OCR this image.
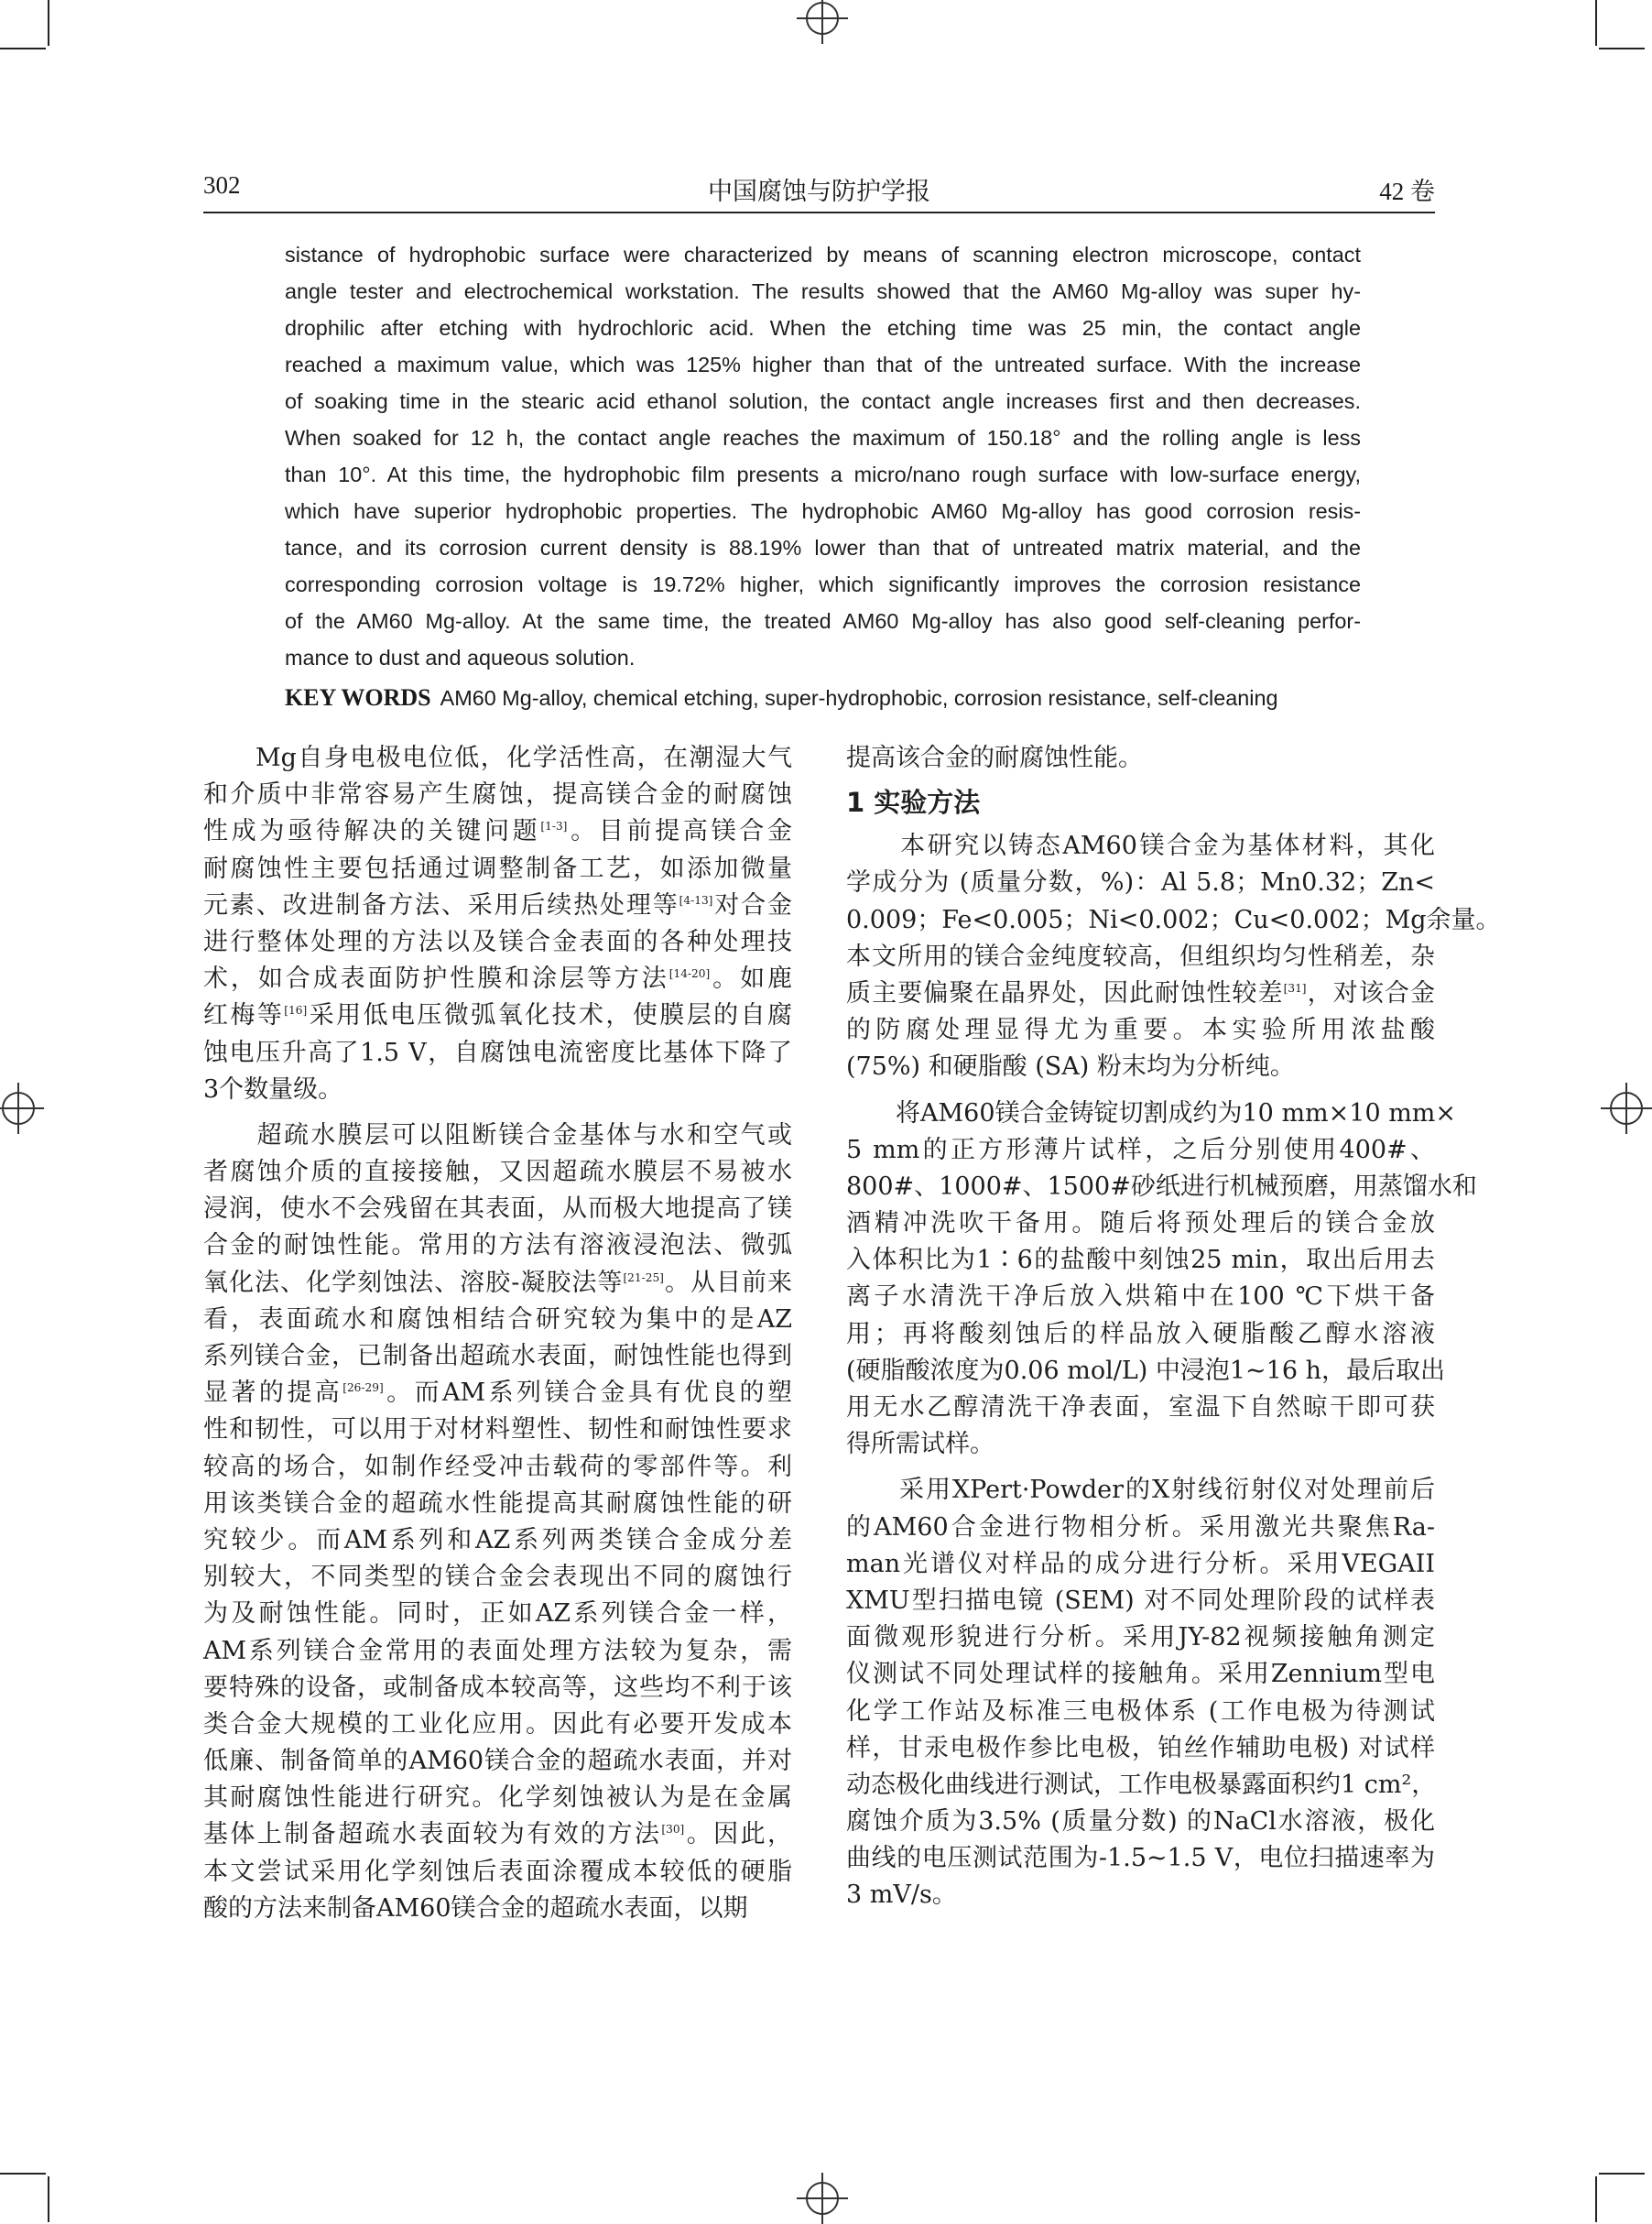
302	中国腐蚀与防护学报	42 卷
sistance of hydrophobic surface were characterized by means of scanning electron microscope, contact
angle tester and electrochemical workstation. The results showed that the AM60 Mg-alloy was super hy-
drophilic after etching with hydrochloric acid. When the etching time was 25 min, the contact angle
reached a maximum value, which was 125% higher than that of the untreated surface. With the increase
of soaking time in the stearic acid ethanol solution, the contact angle increases first and then decreases.
When soaked for 12 h, the contact angle reaches the maximum of 150.18° and the rolling angle is less
than 10°. At this time, the hydrophobic film presents a micro/nano rough surface with low-surface energy,
which have superior hydrophobic properties. The hydrophobic AM60 Mg-alloy has good corrosion resis-
tance, and its corrosion current density is 88.19% lower than that of untreated matrix material, and the
corresponding corrosion voltage is 19.72% higher, which significantly improves the corrosion resistance
of the AM60 Mg-alloy. At the same time, the treated AM60 Mg-alloy has also good self-cleaning perfor-
mance to dust and aqueous solution.
KEY WORDS AM60 Mg-alloy, chemical etching, super-hydrophobic, corrosion resistance, self-cleaning
　　Mg自身电极电位低，化学活性高，在潮湿大气
和介质中非常容易产生腐蚀，提高镁合金的耐腐蚀
性成为亟待解决的关键问题[1-3]。目前提高镁合金
耐腐蚀性主要包括通过调整制备工艺，如添加微量
元素、改进制备方法、采用后续热处理等[4-13]对合金
进行整体处理的方法以及镁合金表面的各种处理技
术，如合成表面防护性膜和涂层等方法[14-20]。如鹿
红梅等[16]采用低电压微弧氧化技术，使膜层的自腐
蚀电压升高了1.5 V，自腐蚀电流密度比基体下降了
3个数量级。
　　超疏水膜层可以阻断镁合金基体与水和空气或
者腐蚀介质的直接接触，又因超疏水膜层不易被水
浸润，使水不会残留在其表面，从而极大地提高了镁
合金的耐蚀性能。常用的方法有溶液浸泡法、微弧
氧化法、化学刻蚀法、溶胶-凝胶法等[21-25]。从目前来
看，表面疏水和腐蚀相结合研究较为集中的是AZ
系列镁合金，已制备出超疏水表面，耐蚀性能也得到
显著的提高[26-29]。而AM系列镁合金具有优良的塑
性和韧性，可以用于对材料塑性、韧性和耐蚀性要求
较高的场合，如制作经受冲击载荷的零部件等。利
用该类镁合金的超疏水性能提高其耐腐蚀性能的研
究较少。而AM系列和AZ系列两类镁合金成分差
别较大，不同类型的镁合金会表现出不同的腐蚀行
为及耐蚀性能。同时，正如AZ系列镁合金一样，
AM系列镁合金常用的表面处理方法较为复杂，需
要特殊的设备，或制备成本较高等，这些均不利于该
类合金大规模的工业化应用。因此有必要开发成本
低廉、制备简单的AM60镁合金的超疏水表面，并对
其耐腐蚀性能进行研究。化学刻蚀被认为是在金属
基体上制备超疏水表面较为有效的方法[30]。因此，
本文尝试采用化学刻蚀后表面涂覆成本较低的硬脂
酸的方法来制备AM60镁合金的超疏水表面，以期
提高该合金的耐腐蚀性能。
1 实验方法
　　本研究以铸态AM60镁合金为基体材料，其化
学成分为 (质量分数，%)：Al 5.8；Mn0.32；Zn<
0.009；Fe<0.005；Ni<0.002；Cu<0.002；Mg余量。
本文所用的镁合金纯度较高，但组织均匀性稍差，杂
质主要偏聚在晶界处，因此耐蚀性较差[31]，对该合金
的防腐处理显得尤为重要。本实验所用浓盐酸
(75%) 和硬脂酸 (SA) 粉末均为分析纯。
　　将AM60镁合金铸锭切割成约为10 mm×10 mm×
5 mm的正方形薄片试样，之后分别使用400#、
800#、1000#、1500#砂纸进行机械预磨，用蒸馏水和
酒精冲洗吹干备用。随后将预处理后的镁合金放
入体积比为1∶6的盐酸中刻蚀25 min，取出后用去
离子水清洗干净后放入烘箱中在100 ℃下烘干备
用；再将酸刻蚀后的样品放入硬脂酸乙醇水溶液
(硬脂酸浓度为0.06 mol/L) 中浸泡1~16 h，最后取出
用无水乙醇清洗干净表面，室温下自然晾干即可获
得所需试样。
　　采用XPert·Powder的X射线衍射仪对处理前后
的AM60合金进行物相分析。采用激光共聚焦Ra-
man光谱仪对样品的成分进行分析。采用VEGAII
XMU型扫描电镜 (SEM) 对不同处理阶段的试样表
面微观形貌进行分析。采用JY-82视频接触角测定
仪测试不同处理试样的接触角。采用Zennium型电
化学工作站及标准三电极体系 (工作电极为待测试
样，甘汞电极作参比电极，铂丝作辅助电极) 对试样
动态极化曲线进行测试，工作电极暴露面积约1 cm²，
腐蚀介质为3.5% (质量分数) 的NaCl水溶液，极化
曲线的电压测试范围为-1.5~1.5 V，电位扫描速率为
3 mV/s。
